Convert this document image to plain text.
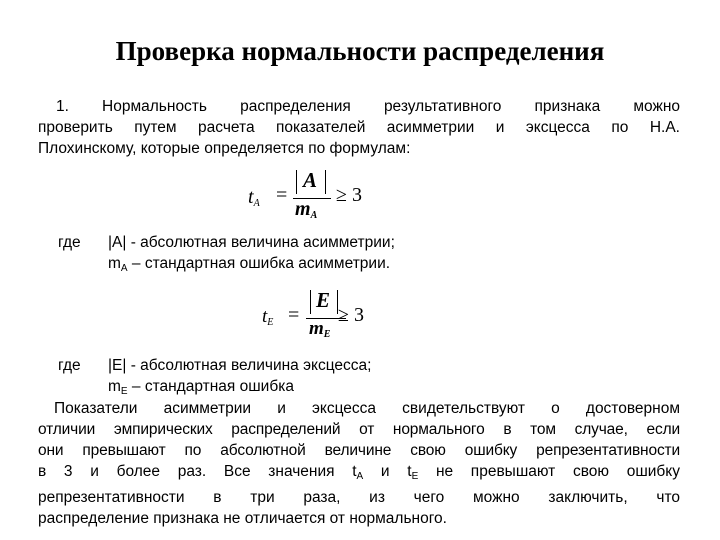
Проверка нормальности распределения
1. Нормальность распределения результативного признака можно
проверить путем расчета показателей асимметрии и эксцесса по Н.А.
Плохинскому, которые определяется по формулам:
$t_A$ =
A
$m_A$
≥ 3
где |A| - абсолютная величина асимметрии;
$m_A$ – стандартная ошибка асимметрии.
$t_E$ =
E
$m_E$
≥ 3
где |E| - абсолютная величина эксцесса;
$m_E$ – стандартная ошибка
Показатели асимметрии и эксцесса свидетельствуют о достоверном
отличии эмпирических распределений от нормального в том случае, если
они превышают по абсолютной величине свою ошибку репрезентативности
в 3 и более раз. Все значения $t_A$ и $t_E$ не превышают свою ошибку
репрезентативности в три раза, из чего можно заключить, что
распределение признака не отличается от нормального.
